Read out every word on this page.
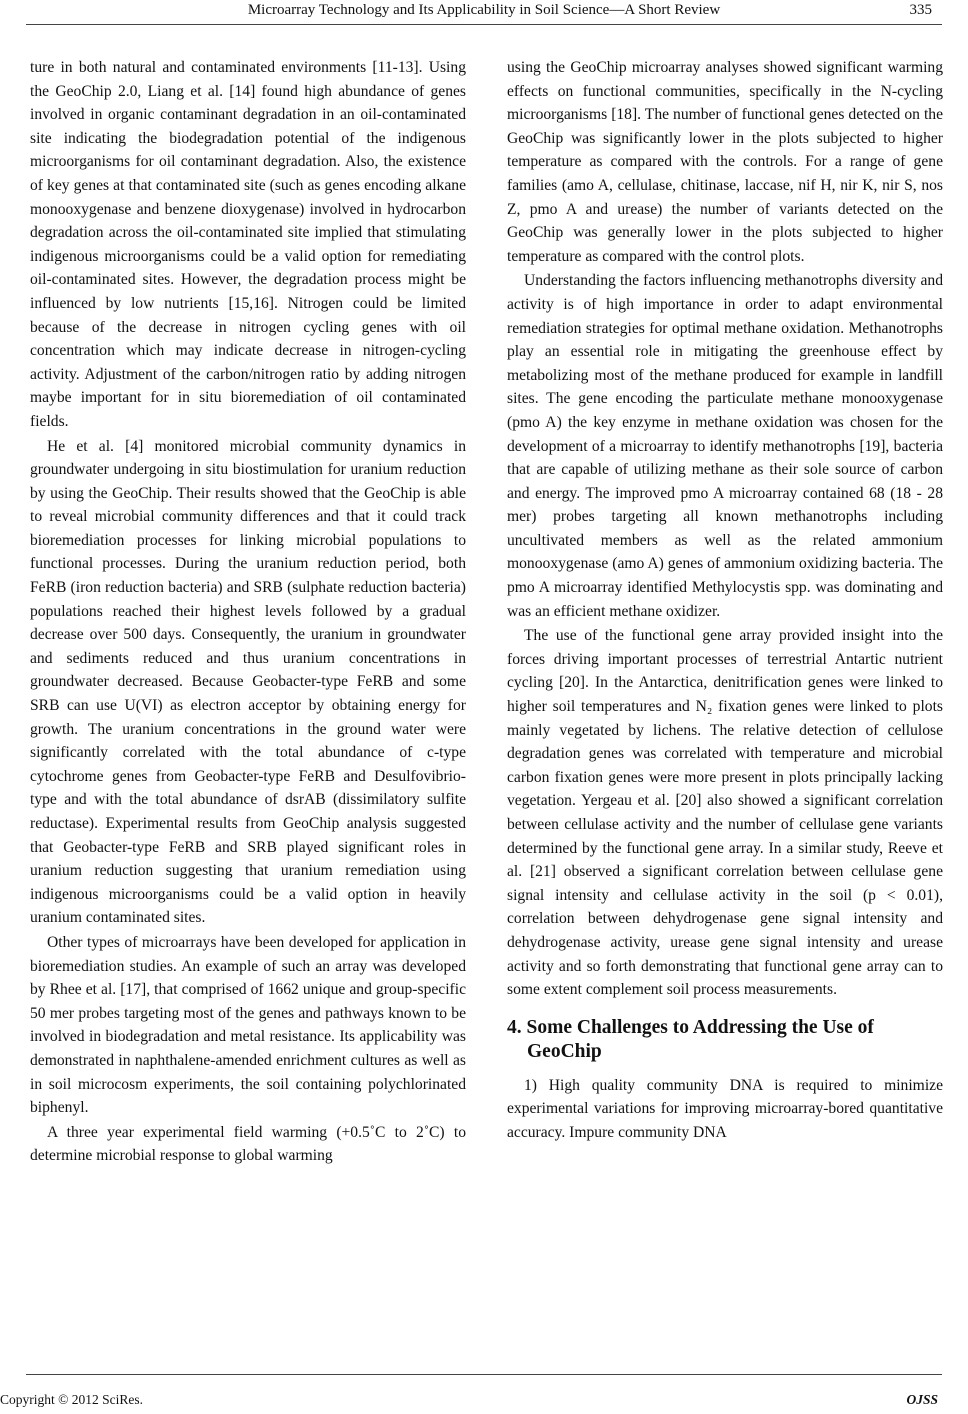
Microarray Technology and Its Applicability in Soil Science—A Short Review	335

ture in both natural and contaminated environments [11-13]. Using the GeoChip 2.0, Liang et al. [14] found high abundance of genes involved in organic contaminant degradation in an oil-contaminated site indicating the biodegradation potential of the indigenous microorganisms for oil contaminant degradation. Also, the existence of key genes at that contaminated site (such as genes encoding alkane monooxygenase and benzene dioxygenase) involved in hydrocarbon degradation across the oil-contaminated site implied that stimulating indigenous microorganisms could be a valid option for remediating oil-contaminated sites. However, the degradation process might be influenced by low nutrients [15,16]. Nitrogen could be limited because of the decrease in nitrogen cycling genes with oil concentration which may indicate decrease in nitrogen-cycling activity. Adjustment of the carbon/nitrogen ratio by adding nitrogen maybe important for in situ bioremediation of oil contaminated fields.

He et al. [4] monitored microbial community dynamics in groundwater undergoing in situ biostimulation for uranium reduction by using the GeoChip. Their results showed that the GeoChip is able to reveal microbial community differences and that it could track bioremediation processes for linking microbial populations to functional processes. During the uranium reduction period, both FeRB (iron reduction bacteria) and SRB (sulphate reduction bacteria) populations reached their highest levels followed by a gradual decrease over 500 days. Consequently, the uranium in groundwater and sediments reduced and thus uranium concentrations in groundwater decreased. Because Geobacter-type FeRB and some SRB can use U(VI) as electron acceptor by obtaining energy for growth. The uranium concentrations in the ground water were significantly correlated with the total abundance of c-type cytochrome genes from Geobacter-type FeRB and Desulfovibrio-type and with the total abundance of dsrAB (dissimilatory sulfite reductase). Experimental results from GeoChip analysis suggested that Geobacter-type FeRB and SRB played significant roles in uranium reduction suggesting that uranium remediation using indigenous microorganisms could be a valid option in heavily uranium contaminated sites.

Other types of microarrays have been developed for application in bioremediation studies. An example of such an array was developed by Rhee et al. [17], that comprised of 1662 unique and group-specific 50 mer probes targeting most of the genes and pathways known to be involved in biodegradation and metal resistance. Its applicability was demonstrated in naphthalene-amended enrichment cultures as well as in soil microcosm experiments, the soil containing polychlorinated biphenyl.

A three year experimental field warming (+0.5˚C to 2˚C) to determine microbial response to global warming

using the GeoChip microarray analyses showed significant warming effects on functional communities, specifically in the N-cycling microorganisms [18]. The number of functional genes detected on the GeoChip was significantly lower in the plots subjected to higher temperature as compared with the controls. For a range of gene families (amo A, cellulase, chitinase, laccase, nif H, nir K, nir S, nos Z, pmo A and urease) the number of variants detected on the GeoChip was generally lower in the plots subjected to higher temperature as compared with the control plots.

Understanding the factors influencing methanotrophs diversity and activity is of high importance in order to adapt environmental remediation strategies for optimal methane oxidation. Methanotrophs play an essential role in mitigating the greenhouse effect by metabolizing most of the methane produced for example in landfill sites. The gene encoding the particulate methane monooxygenase (pmo A) the key enzyme in methane oxidation was chosen for the development of a microarray to identify methanotrophs [19], bacteria that are capable of utilizing methane as their sole source of carbon and energy. The improved pmo A microarray contained 68 (18 - 28 mer) probes targeting all known methanotrophs including uncultivated members as well as the related ammonium monooxygenase (amo A) genes of ammonium oxidizing bacteria. The pmo A microarray identified Methylocystis spp. was dominating and was an efficient methane oxidizer.

The use of the functional gene array provided insight into the forces driving important processes of terrestrial Antartic nutrient cycling [20]. In the Antarctica, denitrification genes were linked to higher soil temperatures and N₂ fixation genes were linked to plots mainly vegetated by lichens. The relative detection of cellulose degradation genes was correlated with temperature and microbial carbon fixation genes were more present in plots principally lacking vegetation. Yergeau et al. [20] also showed a significant correlation between cellulase activity and the number of cellulase gene variants determined by the functional gene array. In a similar study, Reeve et al. [21] observed a significant correlation between cellulase gene signal intensity and cellulase activity in the soil (p < 0.01), correlation between dehydrogenase gene signal intensity and dehydrogenase activity, urease gene signal intensity and urease activity and so forth demonstrating that functional gene array can to some extent complement soil process measurements.

4. Some Challenges to Addressing the Use of GeoChip

1) High quality community DNA is required to minimize experimental variations for improving microarray-bored quantitative accuracy. Impure community DNA

Copyright © 2012 SciRes.	OJSS
